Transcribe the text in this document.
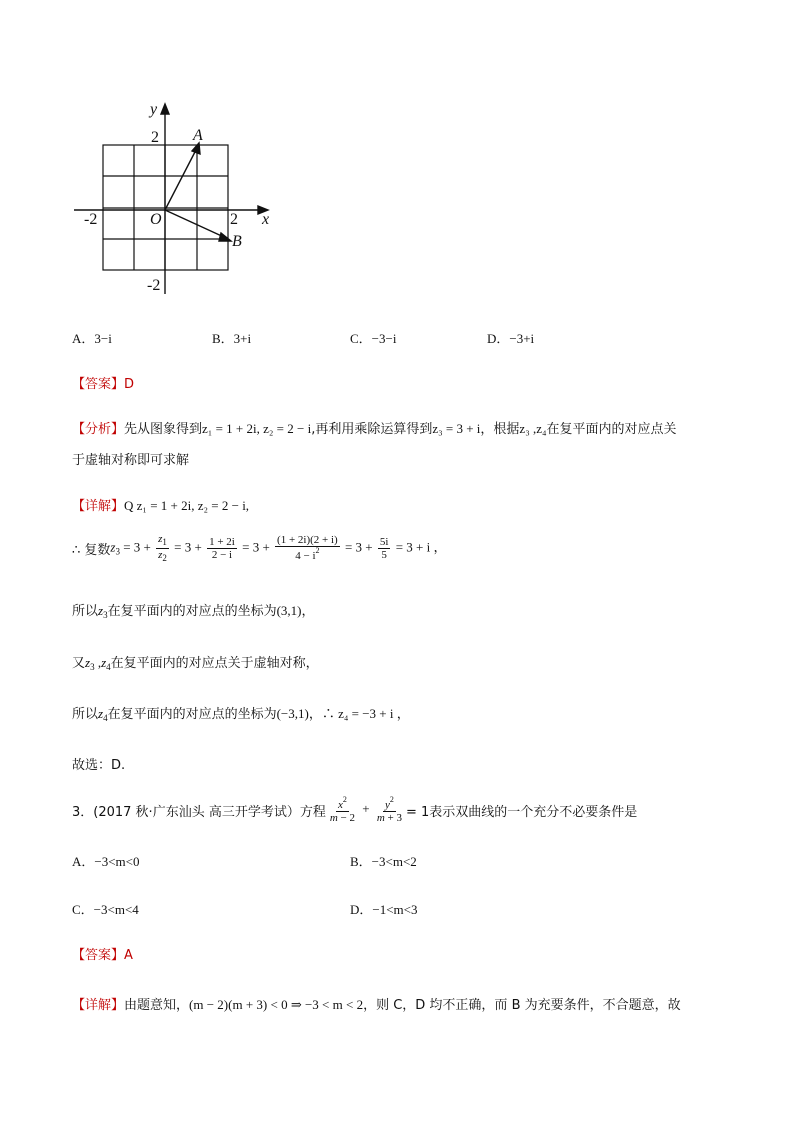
y
x
2
-2
-2	2
O
A
B
A．3−i	B．3+i	C．−3−i	D．−3+i
【答案】D
【分析】先从图象得到z₁ = 1 + 2i, z₂ = 2 − i,再利用乘除运算得到z₃ = 3 + i，根据z₃ ,z₄在复平面内的对应点关
于虚轴对称即可求解
【详解】Q z₁ = 1 + 2i, z₂ = 2 − i,
∴ 复数 $z_3 = 3 + \frac{z_1}{z_2} = 3 + \frac{1 + 2i}{2 - i} = 3 + \frac{(1 + 2i)(2 + i)}{4 - i^2} = 3 + \frac{5i}{5} = 3 + i$ ，
所以$z_3$在复平面内的对应点的坐标为(3,1)，
又$z_3$ $,z_4$在复平面内的对应点关于虚轴对称，
所以$z_4$在复平面内的对应点的坐标为(−3,1)，∴ z₄ = −3 + i ，
故选：D.
3．(2017 秋·广东汕头 高三开学考试）方程 $\frac{x^2}{m - 2} + \frac{y^2}{m + 3} = 1$表示双曲线的一个充分不必要条件是
A．−3<m<0	B．−3<m<2
C．−3<m<4	D．−1<m<3
【答案】A
【详解】由题意知，(m − 2)(m + 3) < 0 ⇒ −3 < m < 2，则 C，D 均不正确，而 B 为充要条件，不合题意，故
